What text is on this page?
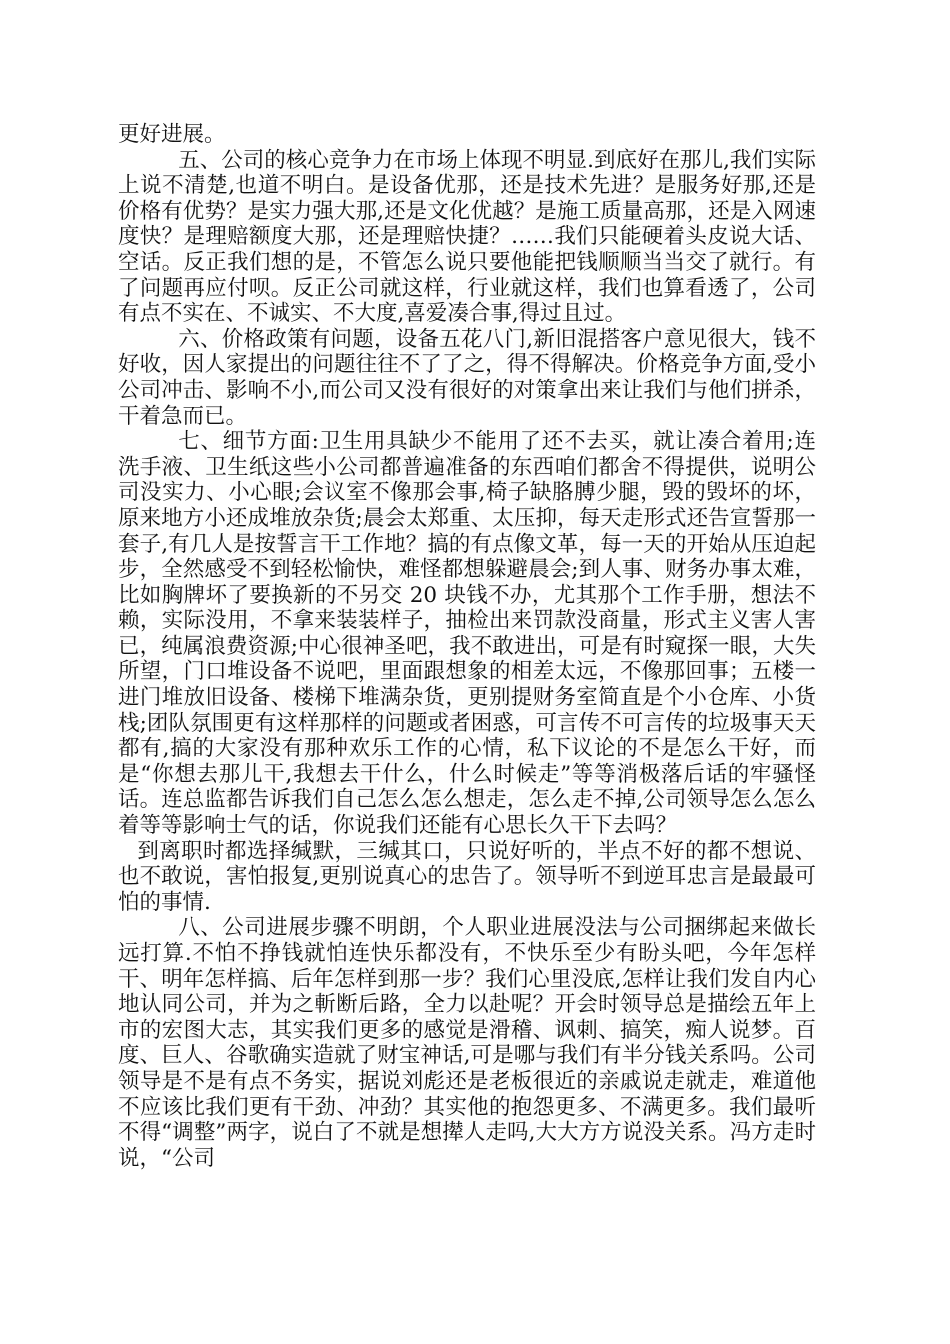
更好进展。

五、公司的核心竞争力在市场上体现不明显.到底好在那儿,我们实际上说不清楚,也道不明白。是设备优那，还是技术先进？是服务好那,还是价格有优势？是实力强大那,还是文化优越？是施工质量高那，还是入网速度快？是理赔额度大那，还是理赔快捷？……我们只能硬着头皮说大话、空话。反正我们想的是，不管怎么说只要他能把钱顺顺当当交了就行。有了问题再应付呗。反正公司就这样，行业就这样，我们也算看透了，公司有点不实在、不诚实、不大度,喜爱凑合事,得过且过。

六、价格政策有问题，设备五花八门,新旧混搭客户意见很大，钱不好收，因人家提出的问题往往不了了之，得不得解决。价格竞争方面,受小公司冲击、影响不小,而公司又没有很好的对策拿出来让我们与他们拼杀，干着急而已。

七、细节方面:卫生用具缺少不能用了还不去买，就让凑合着用;连洗手液、卫生纸这些小公司都普遍准备的东西咱们都舍不得提供，说明公司没实力、小心眼;会议室不像那会事,椅子缺胳膊少腿，毁的毁坏的坏，原来地方小还成堆放杂货;晨会太郑重、太压抑，每天走形式还告宣誓那一套子,有几人是按誓言干工作地？搞的有点像文革，每一天的开始从压迫起步，全然感受不到轻松愉快，难怪都想躲避晨会;到人事、财务办事太难，比如胸牌坏了要换新的不另交 20 块钱不办，尤其那个工作手册，想法不赖，实际没用，不拿来装装样子，抽检出来罚款没商量，形式主义害人害已，纯属浪费资源;中心很神圣吧，我不敢进出，可是有时窥探一眼，大失所望，门口堆设备不说吧，里面跟想象的相差太远，不像那回事；五楼一进门堆放旧设备、楼梯下堆满杂货，更别提财务室简直是个小仓库、小货栈;团队氛围更有这样那样的问题或者困惑，可言传不可言传的垃圾事天天都有,搞的大家没有那种欢乐工作的心情，私下议论的不是怎么干好，而是“你想去那儿干,我想去干什么，什么时候走”等等消极落后话的牢骚怪话。连总监都告诉我们自己怎么怎么想走，怎么走不掉,公司领导怎么怎么着等等影响士气的话，你说我们还能有心思长久干下去吗？

到离职时都选择缄默，三缄其口，只说好听的，半点不好的都不想说、也不敢说，害怕报复,更别说真心的忠告了。领导听不到逆耳忠言是最最可怕的事情.

八、公司进展步骤不明朗，个人职业进展没法与公司捆绑起来做长远打算.不怕不挣钱就怕连快乐都没有，不快乐至少有盼头吧，今年怎样干、明年怎样搞、后年怎样到那一步？我们心里没底,怎样让我们发自内心地认同公司，并为之斬断后路，全力以赴呢？开会时领导总是描绘五年上市的宏图大志，其实我们更多的感觉是滑稽、讽刺、搞笑，痴人说梦。百度、巨人、谷歌确实造就了财宝神话,可是哪与我们有半分钱关系吗。公司领导是不是有点不务实，据说刘彪还是老板很近的亲戚说走就走，难道他不应该比我们更有干劲、冲劲？其实他的抱怨更多、不满更多。我们最听不得“调整”两字，说白了不就是想撵人走吗,大大方方说没关系。冯方走时说，“公司
